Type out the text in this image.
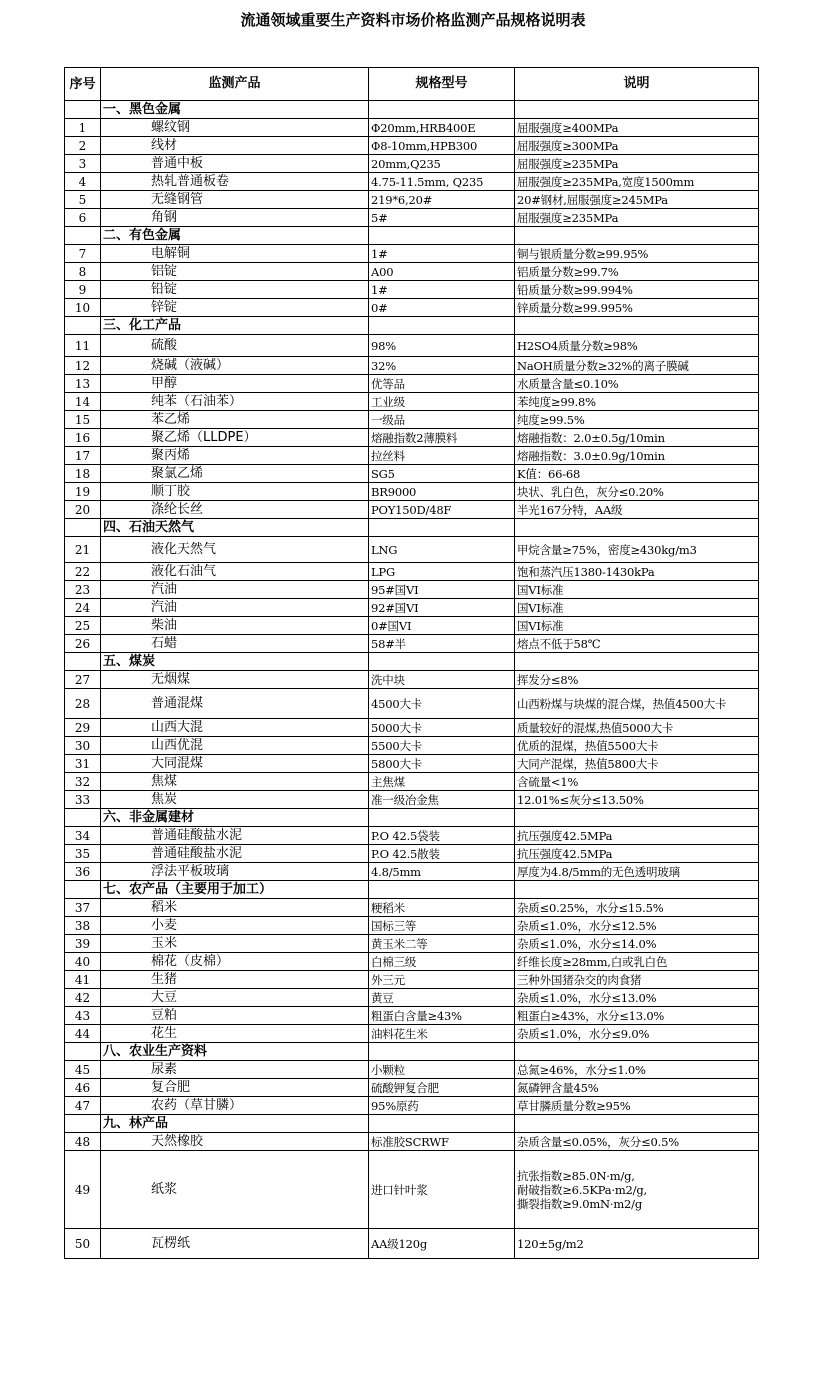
流通领域重要生产资料市场价格监测产品规格说明表
序号	监测产品	规格型号	说明
	一、黑色金属		
1	螺纹钢	Φ20mm,HRB400E	屈服强度≥400MPa
2	线材	Φ8-10mm,HPB300	屈服强度≥300MPa
3	普通中板	20mm,Q235	屈服强度≥235MPa
4	热轧普通板卷	4.75-11.5mm, Q235	屈服强度≥235MPa,宽度1500mm
5	无缝钢管	219*6,20#	20#钢材,屈服强度≥245MPa
6	角钢	5#	屈服强度≥235MPa
	二、有色金属		
7	电解铜	1#	铜与银质量分数≥99.95%
8	铝锭	A00	铝质量分数≥99.7%
9	铅锭	1#	铅质量分数≥99.994%
10	锌锭	0#	锌质量分数≥99.995%
	三、化工产品		
11	硫酸	98%	H2SO4质量分数≥98%
12	烧碱（液碱）	32%	NaOH质量分数≥32%的离子膜碱
13	甲醇	优等品	水质量含量≤0.10%
14	纯苯（石油苯）	工业级	苯纯度≥99.8%
15	苯乙烯	一级品	纯度≥99.5%
16	聚乙烯（LLDPE）	熔融指数2薄膜料	熔融指数：2.0±0.5g/10min
17	聚丙烯	拉丝料	熔融指数：3.0±0.9g/10min
18	聚氯乙烯	SG5	K值：66-68
19	顺丁胶	BR9000	块状、乳白色，灰分≤0.20%
20	涤纶长丝	POY150D/48F	半光167分特，AA级
	四、石油天然气		
21	液化天然气	LNG	甲烷含量≥75%，密度≥430kg/m3
22	液化石油气	LPG	饱和蒸汽压1380-1430kPa
23	汽油	95#国VI	国VI标准
24	汽油	92#国VI	国VI标准
25	柴油	0#国VI	国VI标准
26	石蜡	58#半	熔点不低于58℃
	五、煤炭		
27	无烟煤	洗中块	挥发分≤8%
28	普通混煤	4500大卡	山西粉煤与块煤的混合煤，热值4500大卡
29	山西大混	5000大卡	质量较好的混煤,热值5000大卡
30	山西优混	5500大卡	优质的混煤，热值5500大卡
31	大同混煤	5800大卡	大同产混煤，热值5800大卡
32	焦煤	主焦煤	含硫量<1%
33	焦炭	准一级冶金焦	12.01%≤灰分≤13.50%
	六、非金属建材		
34	普通硅酸盐水泥	P.O 42.5袋装	抗压强度42.5MPa
35	普通硅酸盐水泥	P.O 42.5散装	抗压强度42.5MPa
36	浮法平板玻璃	4.8/5mm	厚度为4.8/5mm的无色透明玻璃
	七、农产品（主要用于加工）		
37	稻米	粳稻米	杂质≤0.25%，水分≤15.5%
38	小麦	国标三等	杂质≤1.0%，水分≤12.5%
39	玉米	黄玉米二等	杂质≤1.0%，水分≤14.0%
40	棉花（皮棉）	白棉三级	纤维长度≥28mm,白或乳白色
41	生猪	外三元	三种外国猪杂交的肉食猪
42	大豆	黄豆	杂质≤1.0%，水分≤13.0%
43	豆粕	粗蛋白含量≥43%	粗蛋白≥43%，水分≤13.0%
44	花生	油料花生米	杂质≤1.0%，水分≤9.0%
	八、农业生产资料		
45	尿素	小颗粒	总氮≥46%，水分≤1.0%
46	复合肥	硫酸钾复合肥	氮磷钾含量45%
47	农药（草甘膦）	95%原药	草甘膦质量分数≥95%
	九、林产品		
48	天然橡胶	标准胶SCRWF	杂质含量≤0.05%，灰分≤0.5%
49	纸浆	进口针叶浆	抗张指数≥85.0N·m/g,
耐破指数≥6.5KPa·m2/g,
撕裂指数≥9.0mN·m2/g
50	瓦楞纸	AA级120g	120±5g/m2
